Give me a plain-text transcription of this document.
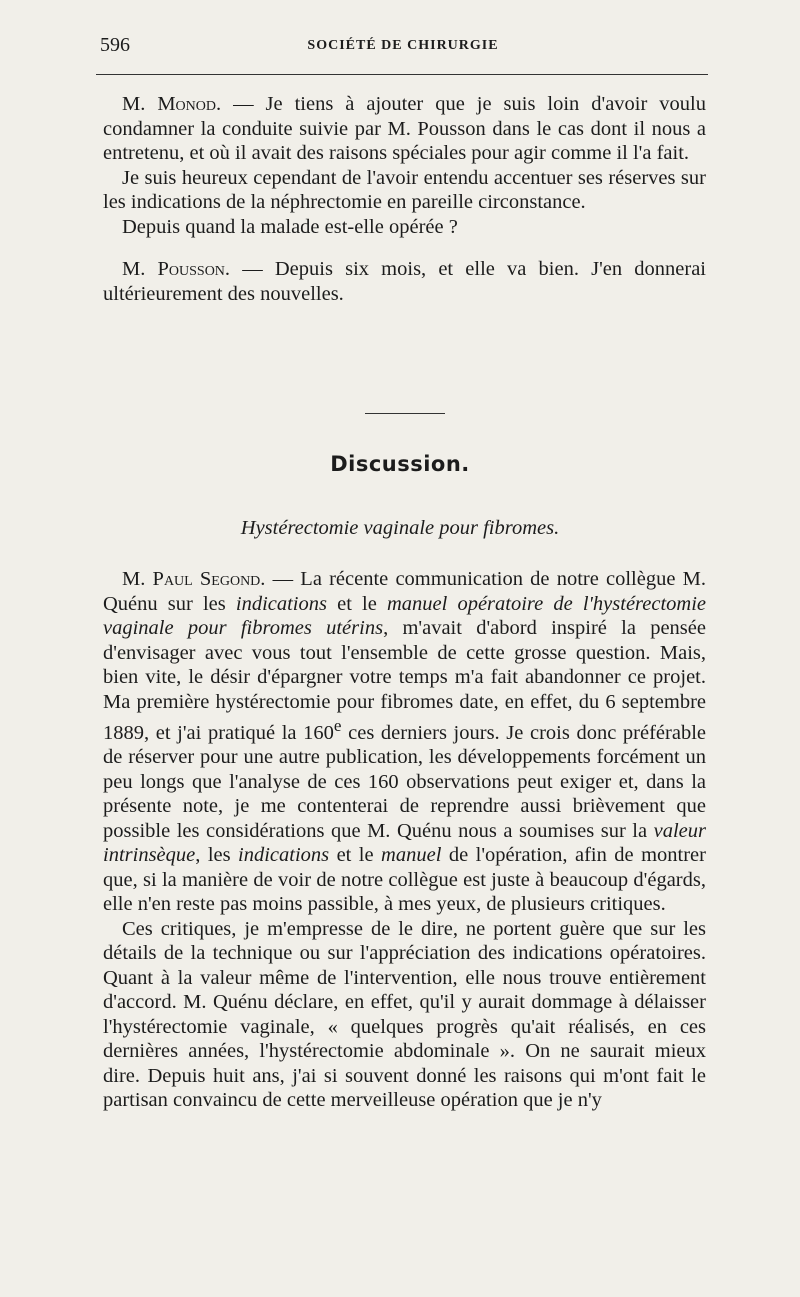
596	SOCIÉTÉ DE CHIRURGIE

M. Monod. — Je tiens à ajouter que je suis loin d'avoir voulu condamner la conduite suivie par M. Pousson dans le cas dont il nous a entretenu, et où il avait des raisons spéciales pour agir comme il l'a fait.

Je suis heureux cependant de l'avoir entendu accentuer ses réserves sur les indications de la néphrectomie en pareille circonstance.

Depuis quand la malade est-elle opérée ?

M. Pousson. — Depuis six mois, et elle va bien. J'en donnerai ultérieurement des nouvelles.

Discussion.
Hystérectomie vaginale pour fibromes.

M. Paul Segond. — La récente communication de notre collègue M. Quénu sur les indications et le manuel opératoire de l'hystérectomie vaginale pour fibromes utérins, m'avait d'abord inspiré la pensée d'envisager avec vous tout l'ensemble de cette grosse question. Mais, bien vite, le désir d'épargner votre temps m'a fait abandonner ce projet. Ma première hystérectomie pour fibromes date, en effet, du 6 septembre 1889, et j'ai pratiqué la 160e ces derniers jours. Je crois donc préférable de réserver pour une autre publication, les développements forcément un peu longs que l'analyse de ces 160 observations peut exiger et, dans la présente note, je me contenterai de reprendre aussi brièvement que possible les considérations que M. Quénu nous a soumises sur la valeur intrinsèque, les indications et le manuel de l'opération, afin de montrer que, si la manière de voir de notre collègue est juste à beaucoup d'égards, elle n'en reste pas moins passible, à mes yeux, de plusieurs critiques.

Ces critiques, je m'empresse de le dire, ne portent guère que sur les détails de la technique ou sur l'appréciation des indications opératoires. Quant à la valeur même de l'intervention, elle nous trouve entièrement d'accord. M. Quénu déclare, en effet, qu'il y aurait dommage à délaisser l'hystérectomie vaginale, « quelques progrès qu'ait réalisés, en ces dernières années, l'hystérectomie abdominale ». On ne saurait mieux dire. Depuis huit ans, j'ai si souvent donné les raisons qui m'ont fait le partisan convaincu de cette merveilleuse opération que je n'y
